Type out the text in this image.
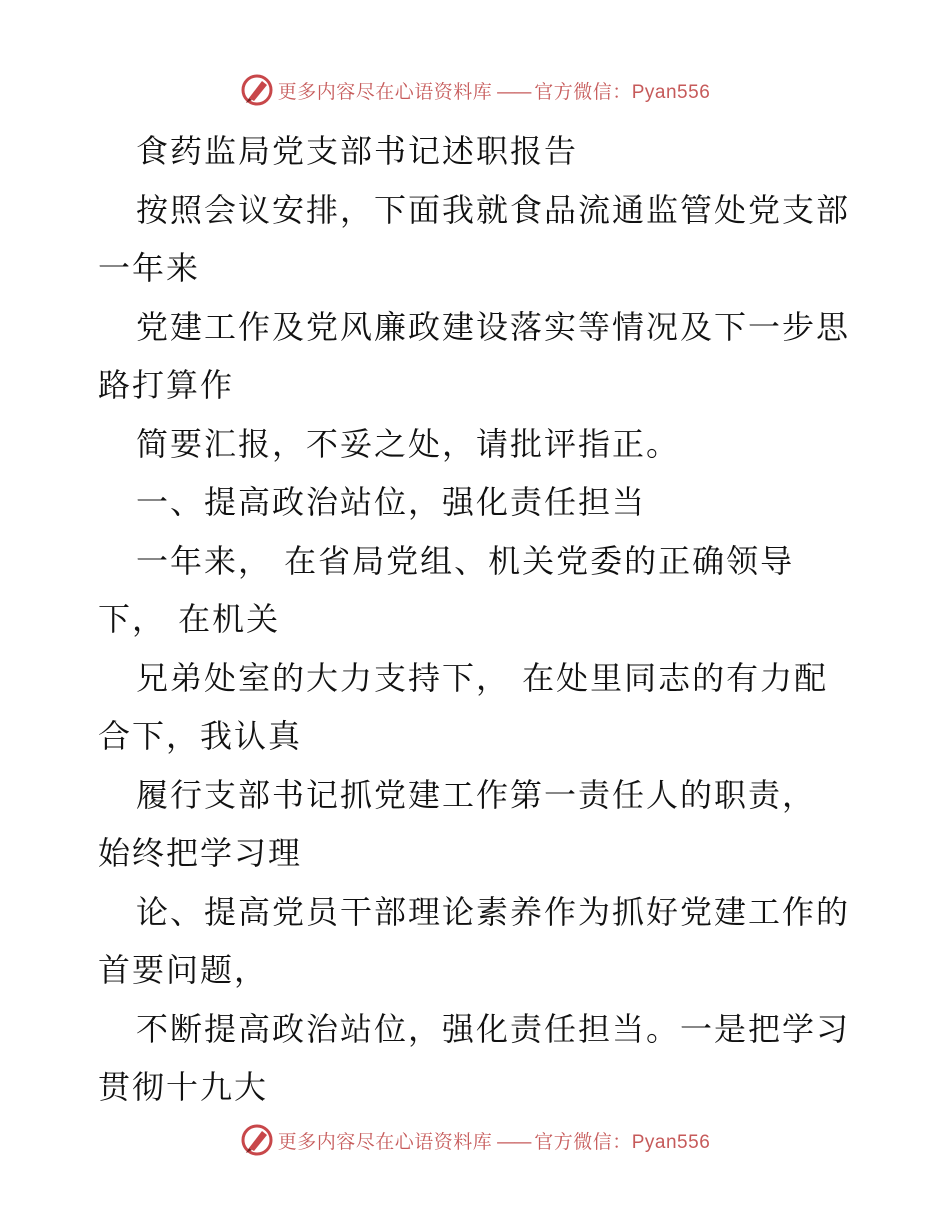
更多内容尽在心语资料库 —— 官方微信：Pyan556
食药监局党支部书记述职报告
按照会议安排，下面我就食品流通监管处党支部
一年来
党建工作及党风廉政建设落实等情况及下一步思
路打算作
简要汇报，不妥之处，请批评指正。
一、提高政治站位，强化责任担当
一年来， 在省局党组、机关党委的正确领导
下， 在机关
兄弟处室的大力支持下， 在处里同志的有力配
合下，我认真
履行支部书记抓党建工作第一责任人的职责，
始终把学习理
论、提高党员干部理论素养作为抓好党建工作的
首要问题，
不断提高政治站位，强化责任担当。一是把学习
贯彻十九大
更多内容尽在心语资料库 —— 官方微信：Pyan556
